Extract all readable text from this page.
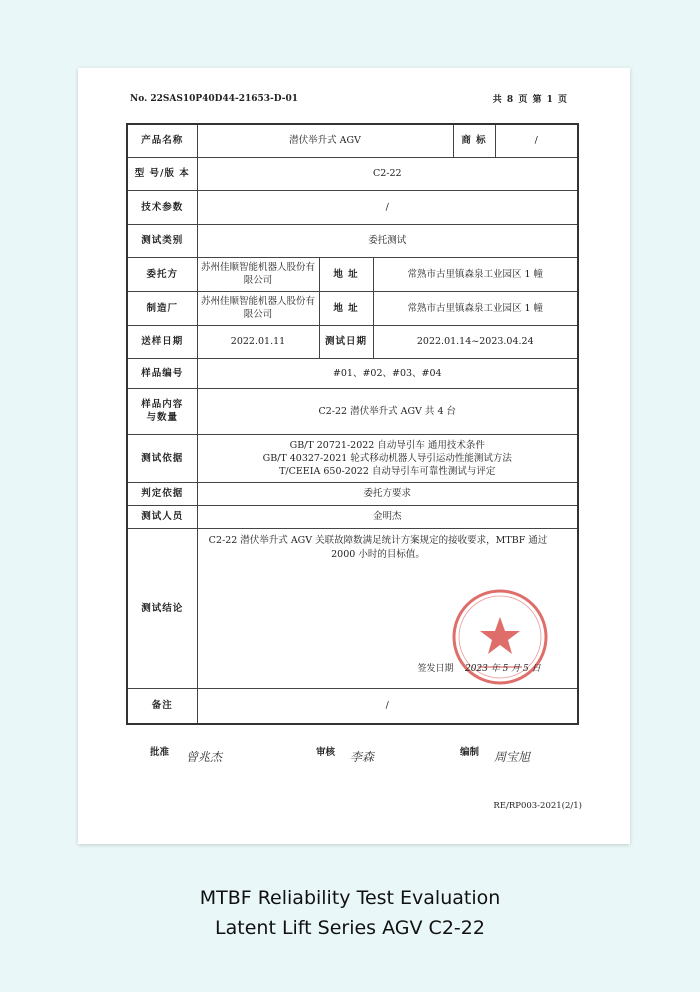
No. 22SAS10P40D44-21653-D-01	共 8 页 第 1 页
产品名称	潜伏举升式 AGV			商 标	/
型 号/版 本	C2-22				
技术参数	/				
测试类别	委托测试				
委托方	苏州佳顺智能机器人股份有限公司	地 址	常熟市古里镇森泉工业园区 1 幢		
制造厂	苏州佳顺智能机器人股份有限公司	地 址	常熟市古里镇森泉工业园区 1 幢		
送样日期	2022.01.11	测试日期	2022.01.14~2023.04.24		
样品编号	#01、#02、#03、#04				

样品内容
与数量	C2-22 潜伏举升式 AGV 共 4 台				
测试依据	GB/T 20721-2022 自动导引车 通用技术条件
GB/T 40327-2021 轮式移动机器人导引运动性能测试方法
T/CEEIA 650-2022 自动导引车可靠性测试与评定				

判定依据	委托方要求				
测试人员	金明杰				
测试结论	C2-22 潜伏举升式 AGV 关联故障数满足统计方案规定的接收要求，MTBF 通过 2000 小时的目标值。
签发日期 2023 年 5 月 5 日				

备注	/				
批准 曾兆杰	审核 李森	编制 周宝旭
RE/RP003-2021(2/1)
MTBF Reliability Test Evaluation
Latent Lift Series AGV C2-22
